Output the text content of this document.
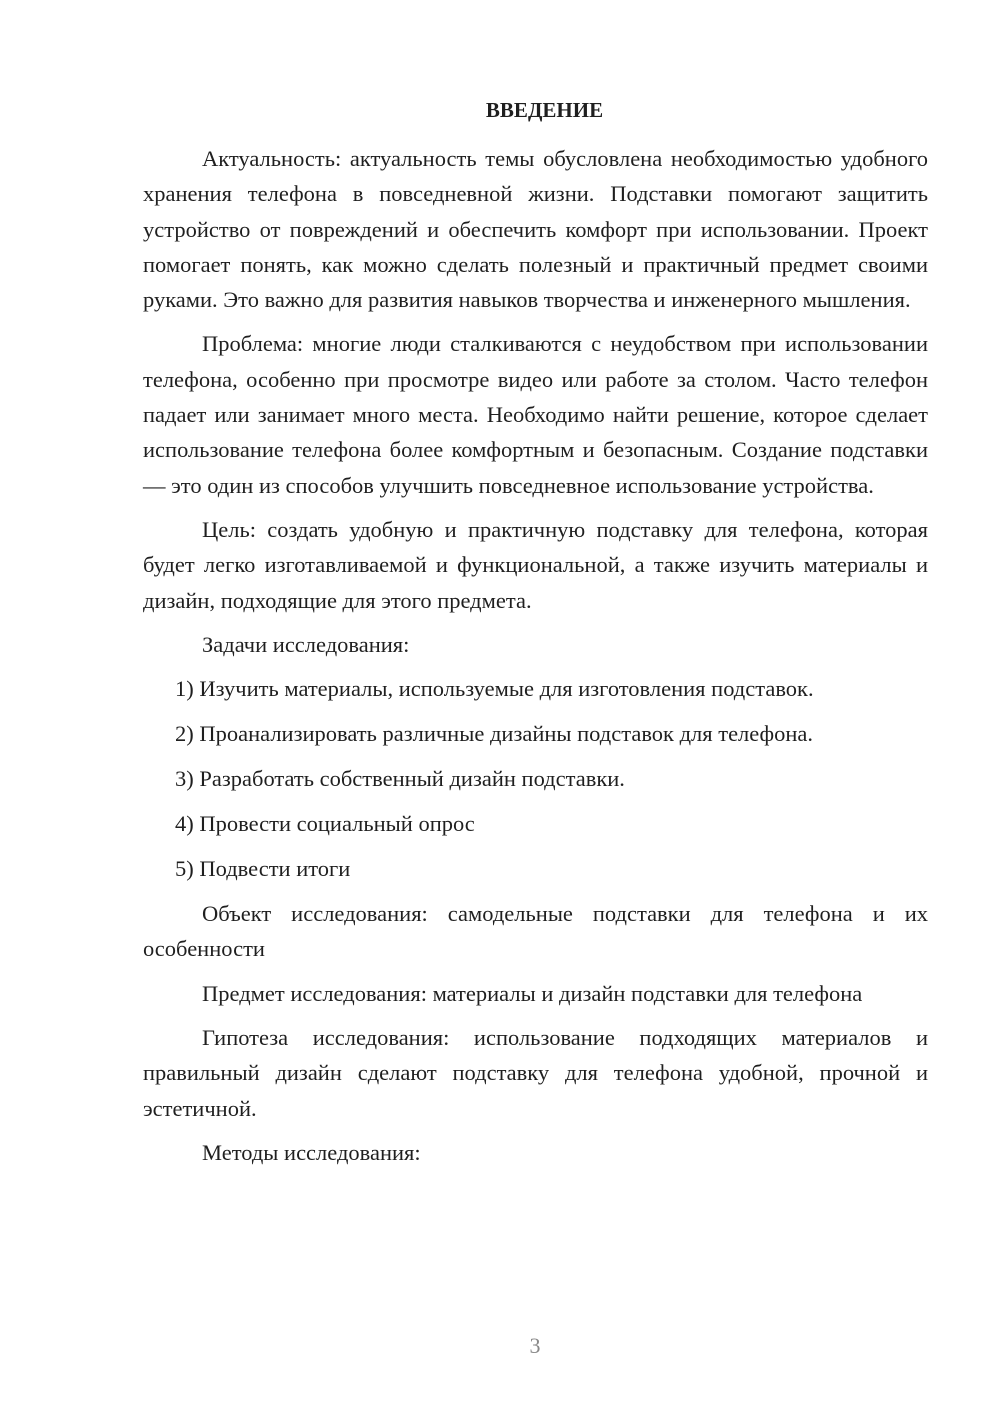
ВВЕДЕНИЕ

Актуальность: актуальность темы обусловлена необходимостью удобного хранения телефона в повседневной жизни. Подставки помогают защитить устройство от повреждений и обеспечить комфорт при использовании. Проект помогает понять, как можно сделать полезный и практичный предмет своими руками. Это важно для развития навыков творчества и инженерного мышления.

Проблема: многие люди сталкиваются с неудобством при использовании телефона, особенно при просмотре видео или работе за столом. Часто телефон падает или занимает много места. Необходимо найти решение, которое сделает использование телефона более комфортным и безопасным. Создание подставки — это один из способов улучшить повседневное использование устройства.

Цель: создать удобную и практичную подставку для телефона, которая будет легко изготавливаемой и функциональной, а также изучить материалы и дизайн, подходящие для этого предмета.

Задачи исследования:

1) Изучить материалы, используемые для изготовления подставок.
2) Проанализировать различные дизайны подставок для телефона.
3) Разработать собственный дизайн подставки.
4) Провести социальный опрос
5) Подвести итоги

Объект исследования: самодельные подставки для телефона и их особенности

Предмет исследования: материалы и дизайн подставки для телефона

Гипотеза исследования: использование подходящих материалов и правильный дизайн сделают подставку для телефона удобной, прочной и эстетичной.

Методы исследования:

3
